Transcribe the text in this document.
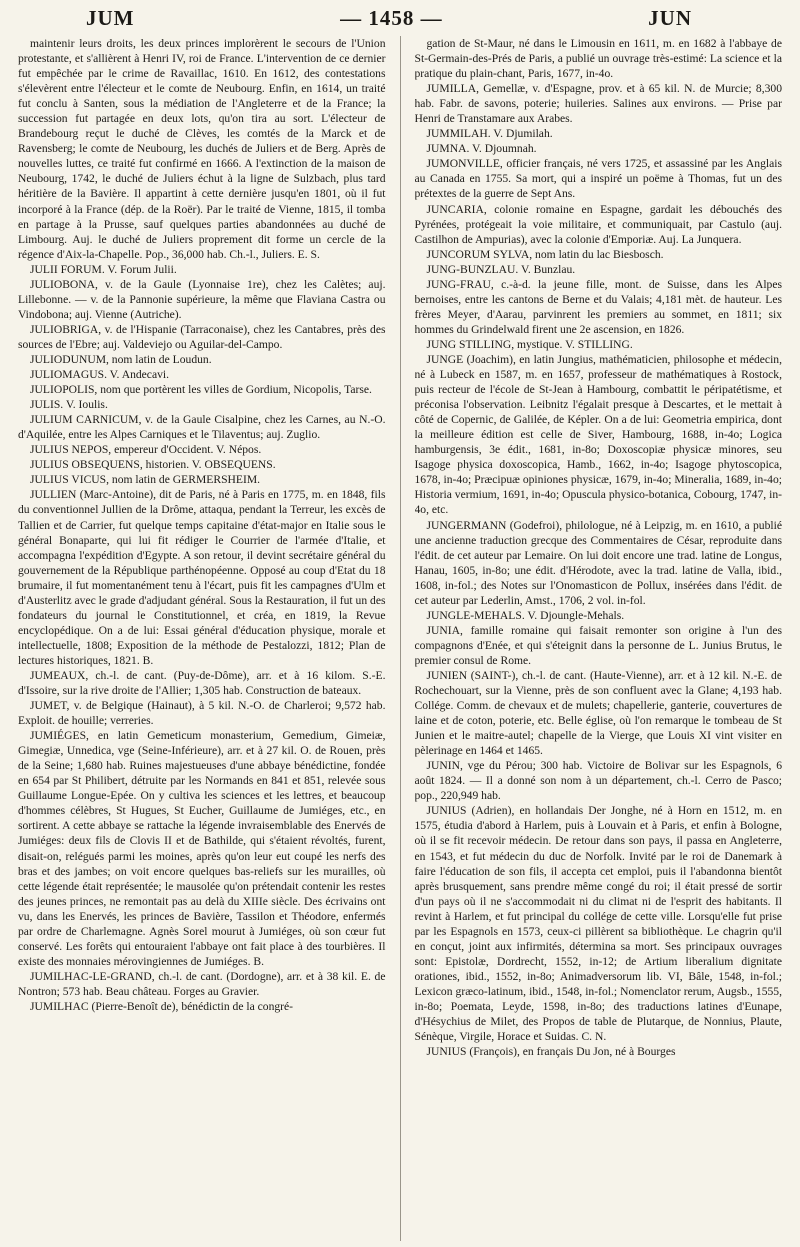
JUM	— 1458 —	JUN

maintenir leurs droits, les deux princes implorèrent le secours de l'Union protestante, et s'allièrent à Henri IV, roi de France. L'intervention de ce dernier fut empêchée par le crime de Ravaillac, 1610. En 1612, des contestations s'élevèrent entre l'électeur et le comte de Neubourg. Enfin, en 1614, un traité fut conclu à Santen, sous la médiation de l'Angleterre et de la France; la succession fut partagée en deux lots, qu'on tira au sort. L'électeur de Brandebourg reçut le duché de Clèves, les comtés de la Marck et de Ravensberg; le comte de Neubourg, les duchés de Juliers et de Berg. Après de nouvelles luttes, ce traité fut confirmé en 1666. A l'extinction de la maison de Neubourg, 1742, le duché de Juliers échut à la ligne de Sulzbach, plus tard héritière de la Bavière. Il appartint à cette dernière jusqu'en 1801, où il fut incorporé à la France (dép. de la Roër). Par le traité de Vienne, 1815, il tomba en partage à la Prusse, sauf quelques parties abandonnées au duché de Limbourg. Auj. le duché de Juliers proprement dit forme un cercle de la régence d'Aix-la-Chapelle. Pop., 36,000 hab. Ch.-l., Juliers. E. S.

JULII FORUM. V. Forum Julii.

JULIOBONA, v. de la Gaule (Lyonnaise 1re), chez les Calètes; auj. Lillebonne. — v. de la Pannonie supérieure, la même que Flaviana Castra ou Vindobona; auj. Vienne (Autriche).

JULIOBRIGA, v. de l'Hispanie (Tarraconaise), chez les Cantabres, près des sources de l'Ebre; auj. Valdeviejo ou Aguilar-del-Campo.

JULIODUNUM, nom latin de Loudun.

JULIOMAGUS. V. Andecavi.

JULIOPOLIS, nom que portèrent les villes de Gordium, Nicopolis, Tarse.

JULIS. V. Ioulis.

JULIUM CARNICUM, v. de la Gaule Cisalpine, chez les Carnes, au N.-O. d'Aquilée, entre les Alpes Carniques et le Tilaventus; auj. Zuglio.

JULIUS NEPOS, empereur d'Occident. V. Népos.

JULIUS OBSEQUENS, historien. V. OBSEQUENS.

JULIUS VICUS, nom latin de GERMERSHEIM.

JULLIEN (Marc-Antoine), dit de Paris, né à Paris en 1775, m. en 1848, fils du conventionnel Jullien de la Drôme, attaqua, pendant la Terreur, les excès de Tallien et de Carrier, fut quelque temps capitaine d'état-major en Italie sous le général Bonaparte, qui lui fit rédiger le Courrier de l'armée d'Italie, et accompagna l'expédition d'Egypte. A son retour, il devint secrétaire général du gouvernement de la République parthénopéenne. Opposé au coup d'Etat du 18 brumaire, il fut momentanément tenu à l'écart, puis fit les campagnes d'Ulm et d'Austerlitz avec le grade d'adjudant général. Sous la Restauration, il fut un des fondateurs du journal le Constitutionnel, et créa, en 1819, la Revue encyclopédique. On a de lui: Essai général d'éducation physique, morale et intellectuelle, 1808; Exposition de la méthode de Pestalozzi, 1812; Plan de lectures historiques, 1821. B.

JUMEAUX, ch.-l. de cant. (Puy-de-Dôme), arr. et à 16 kilom. S.-E. d'Issoire, sur la rive droite de l'Allier; 1,305 hab. Construction de bateaux.

JUMET, v. de Belgique (Hainaut), à 5 kil. N.-O. de Charleroi; 9,572 hab. Exploit. de houille; verreries.

JUMIÉGES, en latin Gemeticum monasterium, Gemedium, Gimeiæ, Gimegiæ, Unnedica, vge (Seine-Inférieure), arr. et à 27 kil. O. de Rouen, près de la Seine; 1,680 hab. Ruines majestueuses d'une abbaye bénédictine, fondée en 654 par St Philibert, détruite par les Normands en 841 et 851, relevée sous Guillaume Longue-Epée. On y cultiva les sciences et les lettres, et beaucoup d'hommes célèbres, St Hugues, St Eucher, Guillaume de Jumiéges, etc., en sortirent. A cette abbaye se rattache la légende invraisemblable des Enervés de Jumiéges: deux fils de Clovis II et de Bathilde, qui s'étaient révoltés, furent, disait-on, relégués parmi les moines, après qu'on leur eut coupé les nerfs des bras et des jambes; on voit encore quelques bas-reliefs sur les murailles, où cette légende était représentée; le mausolée qu'on prétendait contenir les restes des jeunes princes, ne remontait pas au delà du XIIIe siècle. Des écrivains ont vu, dans les Enervés, les princes de Bavière, Tassilon et Théodore, enfermés par ordre de Charlemagne. Agnès Sorel mourut à Jumiéges, où son cœur fut conservé. Les forêts qui entouraient l'abbaye ont fait place à des tourbières. Il existe des monnaies mérovingiennes de Jumiéges. B.

JUMILHAC-LE-GRAND, ch.-l. de cant. (Dordogne), arr. et à 38 kil. E. de Nontron; 573 hab. Beau château. Forges au Gravier.

JUMILHAC (Pierre-Benoît de), bénédictin de la congré-

gation de St-Maur, né dans le Limousin en 1611, m. en 1682 à l'abbaye de St-Germain-des-Prés de Paris, a publié un ouvrage très-estimé: La science et la pratique du plain-chant, Paris, 1677, in-4o.

JUMILLA, Gemellæ, v. d'Espagne, prov. et à 65 kil. N. de Murcie; 8,300 hab. Fabr. de savons, poterie; huileries. Salines aux environs. — Prise par Henri de Transtamare aux Arabes.

JUMMILAH. V. Djumilah.

JUMNA. V. Djoumnah.

JUMONVILLE, officier français, né vers 1725, et assassiné par les Anglais au Canada en 1755. Sa mort, qui a inspiré un poëme à Thomas, fut un des prétextes de la guerre de Sept Ans.

JUNCARIA, colonie romaine en Espagne, gardait les débouchés des Pyrénées, protégeait la voie militaire, et communiquait, par Castulo (auj. Castilhon de Ampurias), avec la colonie d'Emporiæ. Auj. La Junquera.

JUNCORUM SYLVA, nom latin du lac Biesbosch.

JUNG-BUNZLAU. V. Bunzlau.

JUNG-FRAU, c.-à-d. la jeune fille, mont. de Suisse, dans les Alpes bernoises, entre les cantons de Berne et du Valais; 4,181 mèt. de hauteur. Les frères Meyer, d'Aarau, parvinrent les premiers au sommet, en 1811; six hommes du Grindelwald firent une 2e ascension, en 1826.

JUNG STILLING, mystique. V. STILLING.

JUNGE (Joachim), en latin Jungius, mathématicien, philosophe et médecin, né à Lubeck en 1587, m. en 1657, professeur de mathématiques à Rostock, puis recteur de l'école de St-Jean à Hambourg, combattit le péripatétisme, et préconisa l'observation. Leibnitz l'égalait presque à Descartes, et le mettait à côté de Copernic, de Galilée, de Képler. On a de lui: Geometria empirica, dont la meilleure édition est celle de Siver, Hambourg, 1688, in-4o; Logica hamburgensis, 3e édit., 1681, in-8o; Doxoscopiæ physicæ minores, seu Isagoge physica doxoscopica, Hamb., 1662, in-4o; Isagoge phytoscopica, 1678, in-4o; Præcipuæ opiniones physicæ, 1679, in-4o; Mineralia, 1689, in-4o; Historia vermium, 1691, in-4o; Opuscula physico-botanica, Cobourg, 1747, in-4o, etc.

JUNGERMANN (Godefroi), philologue, né à Leipzig, m. en 1610, a publié une ancienne traduction grecque des Commentaires de César, reproduite dans l'édit. de cet auteur par Lemaire. On lui doit encore une trad. latine de Longus, Hanau, 1605, in-8o; une édit. d'Hérodote, avec la trad. latine de Valla, ibid., 1608, in-fol.; des Notes sur l'Onomasticon de Pollux, insérées dans l'édit. de cet auteur par Lederlin, Amst., 1706, 2 vol. in-fol.

JUNGLE-MEHALS. V. Djoungle-Mehals.

JUNIA, famille romaine qui faisait remonter son origine à l'un des compagnons d'Enée, et qui s'éteignit dans la personne de L. Junius Brutus, le premier consul de Rome.

JUNIEN (SAINT-), ch.-l. de cant. (Haute-Vienne), arr. et à 12 kil. N.-E. de Rochechouart, sur la Vienne, près de son confluent avec la Glane; 4,193 hab. Collége. Comm. de chevaux et de mulets; chapellerie, ganterie, couvertures de laine et de coton, poterie, etc. Belle église, où l'on remarque le tombeau de St Junien et le maitre-autel; chapelle de la Vierge, que Louis XI vint visiter en pèlerinage en 1464 et 1465.

JUNIN, vge du Pérou; 300 hab. Victoire de Bolivar sur les Espagnols, 6 août 1824. — Il a donné son nom à un département, ch.-l. Cerro de Pasco; pop., 220,949 hab.

JUNIUS (Adrien), en hollandais Der Jonghe, né à Horn en 1512, m. en 1575, étudia d'abord à Harlem, puis à Louvain et à Paris, et enfin à Bologne, où il se fit recevoir médecin. De retour dans son pays, il passa en Angleterre, en 1543, et fut médecin du duc de Norfolk. Invité par le roi de Danemark à faire l'éducation de son fils, il accepta cet emploi, puis il l'abandonna bientôt après brusquement, sans prendre même congé du roi; il était pressé de sortir d'un pays où il ne s'accommodait ni du climat ni de l'esprit des habitants. Il revint à Harlem, et fut principal du collége de cette ville. Lorsqu'elle fut prise par les Espagnols en 1573, ceux-ci pillèrent sa bibliothèque. Le chagrin qu'il en conçut, joint aux infirmités, détermina sa mort. Ses principaux ouvrages sont: Epistolæ, Dordrecht, 1552, in-12; de Artium liberalium dignitate orationes, ibid., 1552, in-8o; Animadversorum lib. VI, Bâle, 1548, in-fol.; Lexicon græco-latinum, ibid., 1548, in-fol.; Nomenclator rerum, Augsb., 1555, in-8o; Poemata, Leyde, 1598, in-8o; des traductions latines d'Eunape, d'Hésychius de Milet, des Propos de table de Plutarque, de Nonnius, Plaute, Sénèque, Virgile, Horace et Suidas. C. N.

JUNIUS (François), en français Du Jon, né à Bourges
